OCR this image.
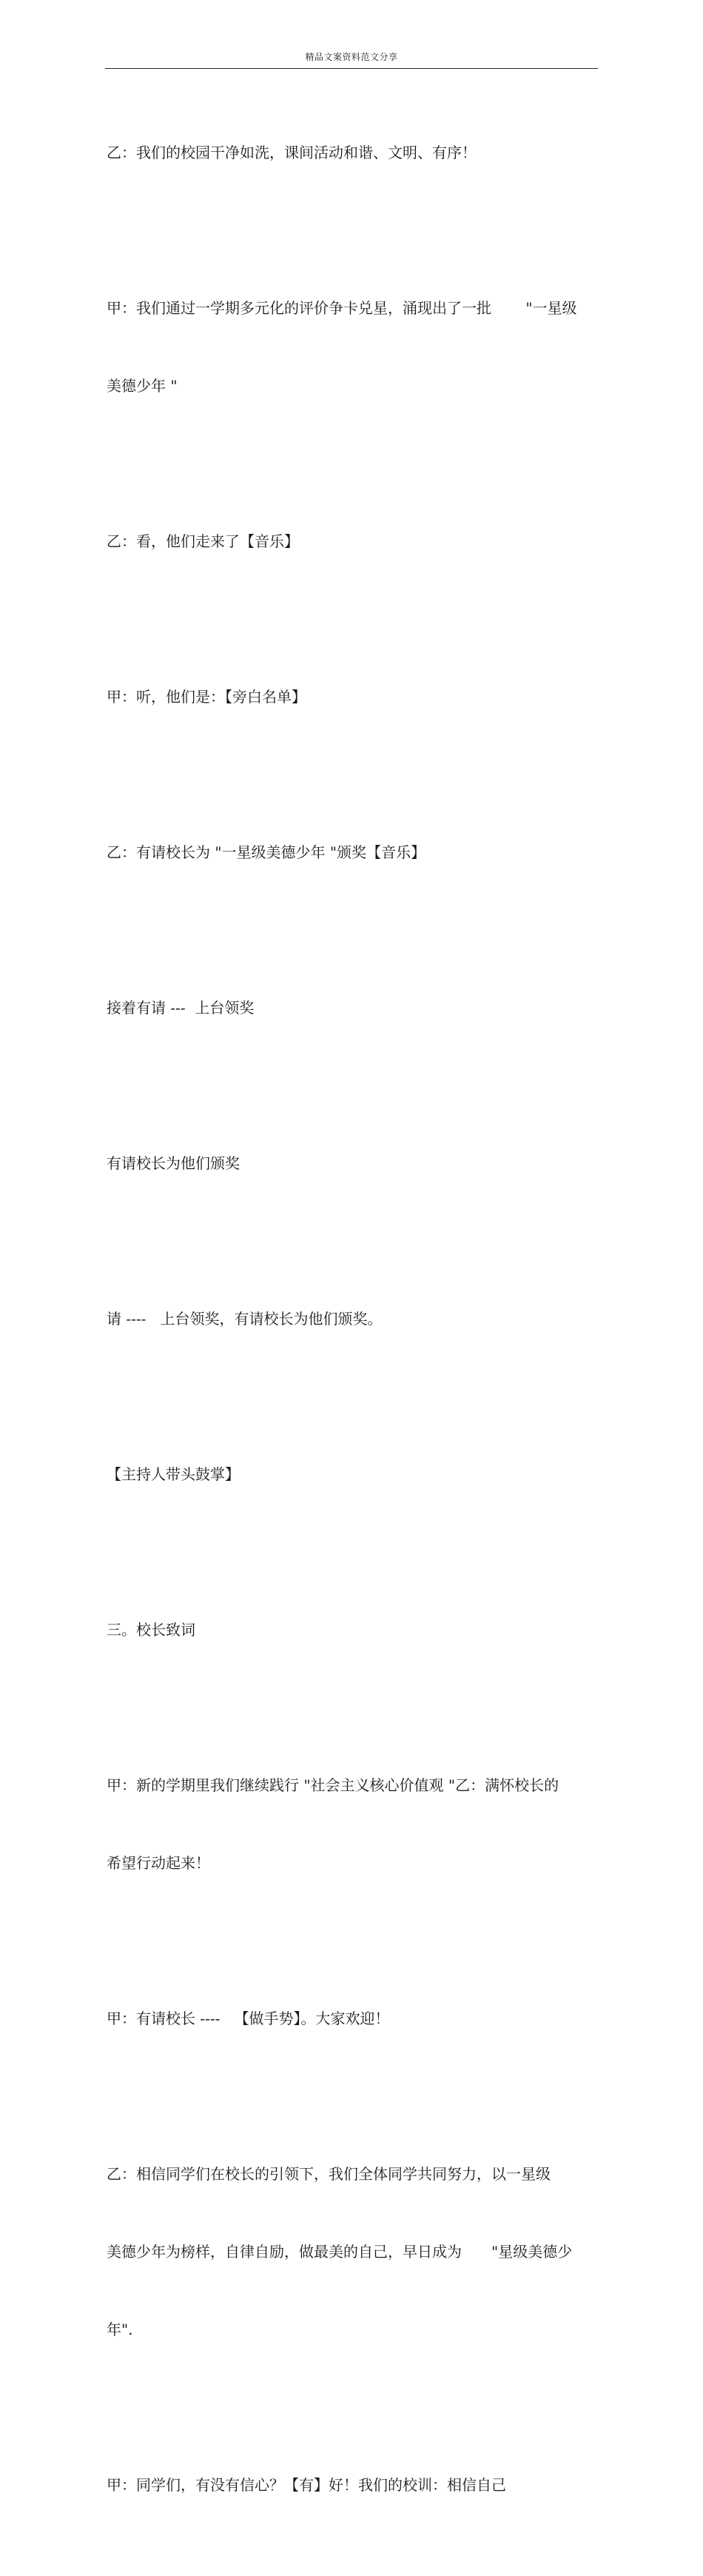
精品文案资料范文分享

乙：我们的校园干净如洗，课间活动和谐、文明、有序！

甲：我们通过一学期多元化的评价争卡兑星，涌现出了一批　　 "一星级

美德少年 "

乙：看，他们走来了【音乐】

甲：听，他们是：【旁白名单】

乙：有请校长为 "一星级美德少年 "颁奖【音乐】

接着有请 ---  上台领奖

有请校长为他们颁奖

请 ----   上台领奖，有请校长为他们颁奖。

【主持人带头鼓掌】

三。校长致词

甲：新的学期里我们继续践行 "社会主义核心价值观 "乙：满怀校长的

希望行动起来！

甲：有请校长 ----   【做手势】。大家欢迎！

乙：相信同学们在校长的引领下，我们全体同学共同努力，以一星级

美德少年为榜样，自律自励，做最美的自己，早日成为　　"星级美德少

年".

甲：同学们，有没有信心？【有】好！我们的校训：相信自己
